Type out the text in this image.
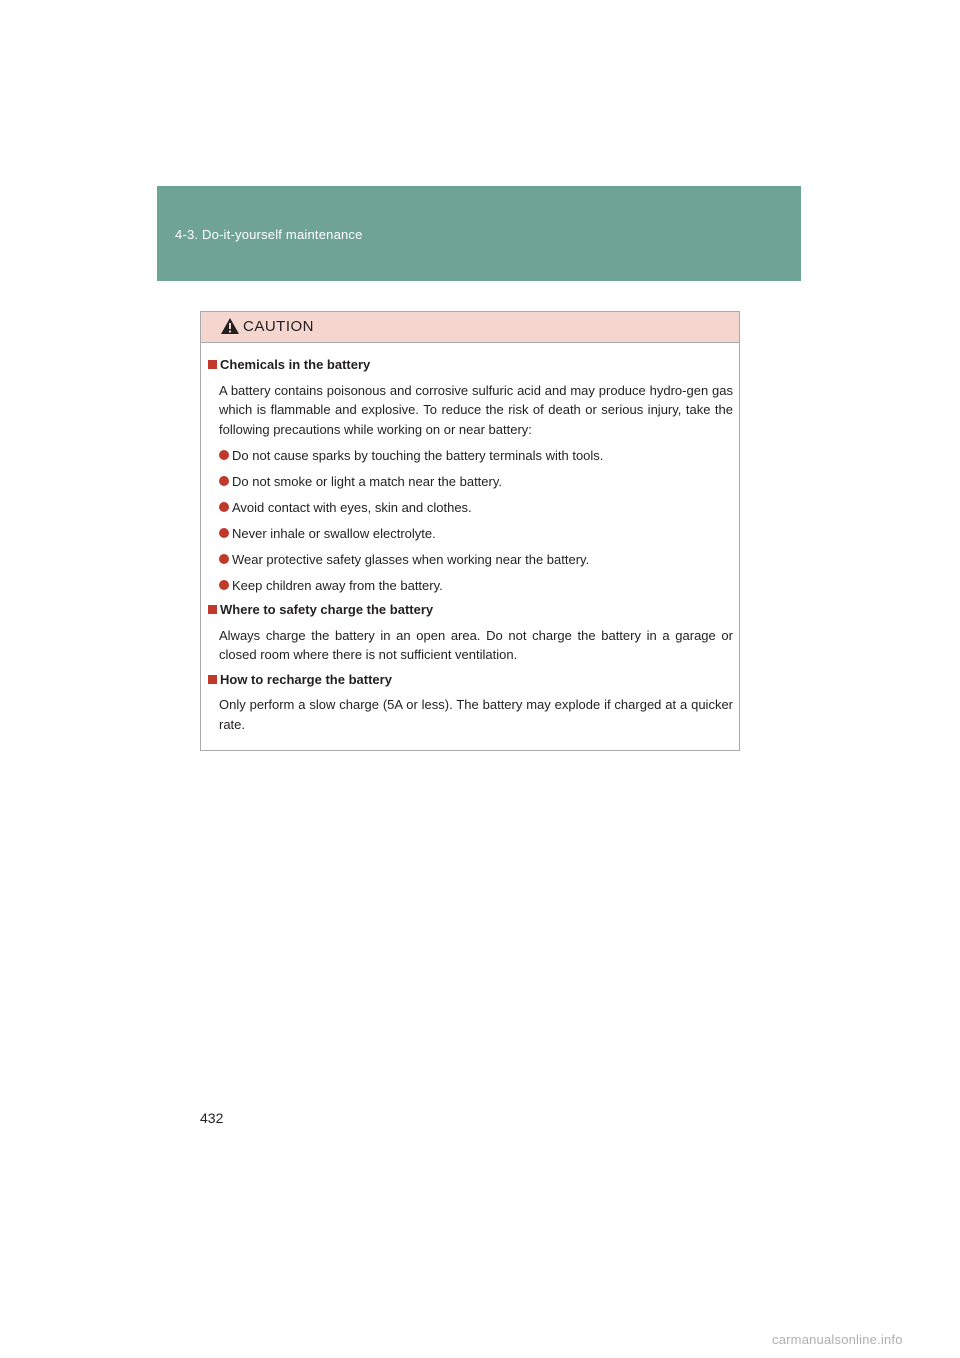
4-3. Do-it-yourself maintenance
CAUTION
Chemicals in the battery
A battery contains poisonous and corrosive sulfuric acid and may produce hydro-gen gas which is flammable and explosive. To reduce the risk of death or serious injury, take the following precautions while working on or near battery:
Do not cause sparks by touching the battery terminals with tools.
Do not smoke or light a match near the battery.
Avoid contact with eyes, skin and clothes.
Never inhale or swallow electrolyte.
Wear protective safety glasses when working near the battery.
Keep children away from the battery.
Where to safety charge the battery
Always charge the battery in an open area. Do not charge the battery in a garage or closed room where there is not sufficient ventilation.
How to recharge the battery
Only perform a slow charge (5A or less). The battery may explode if charged at a quicker rate.
432
carmanualsonline.info
